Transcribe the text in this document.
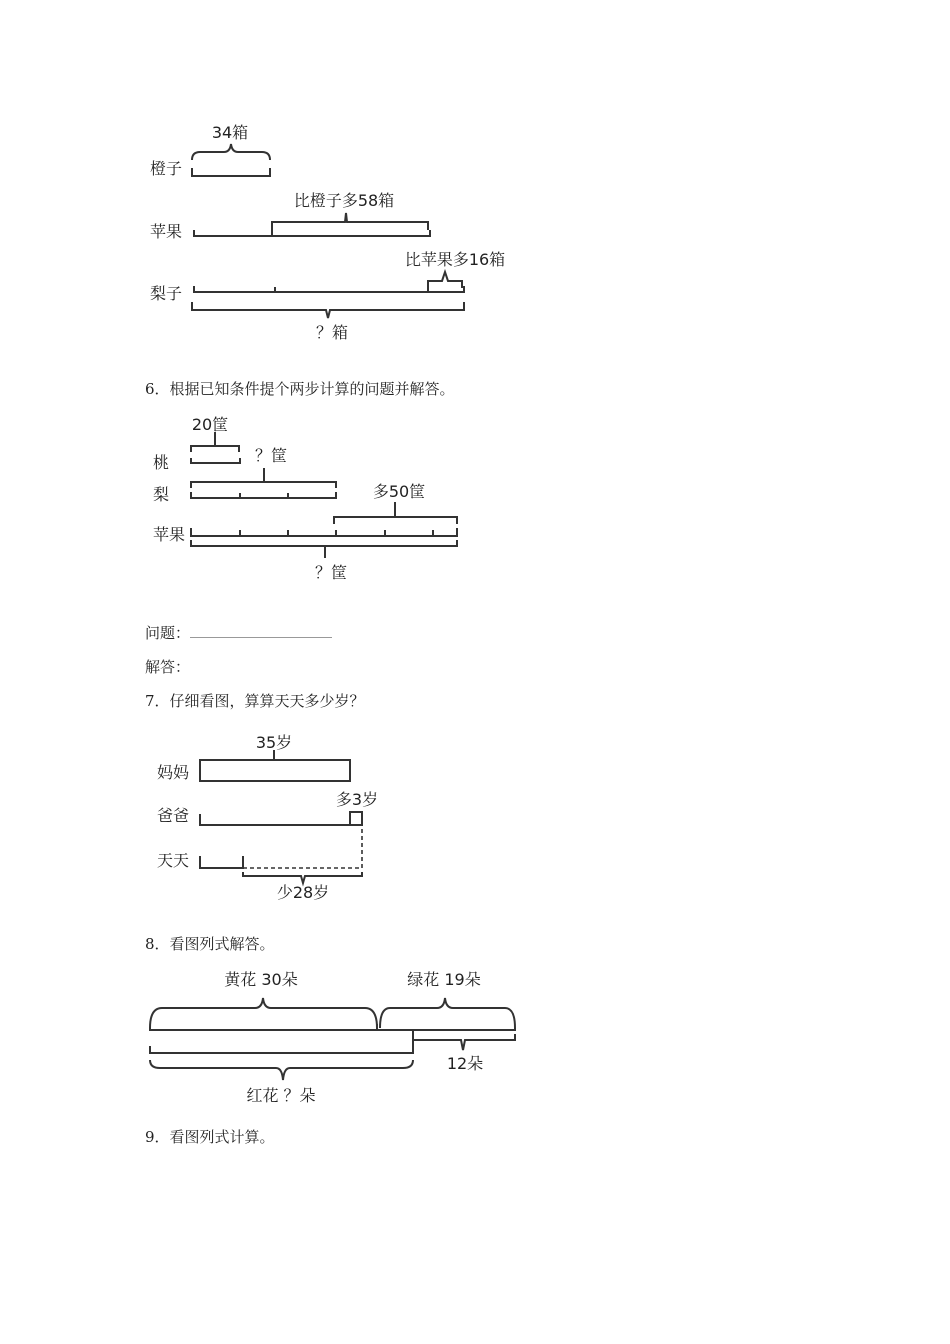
34箱
橙子
比橙子多58箱
苹果
比苹果多16箱
梨子
？箱
20筐
桃	？筐
梨	多50筐
苹果
？筐
35岁
妈妈
多3岁
爸爸
天天
少28岁
黄花 30朵	绿花 19朵
12朵
红花 ？朵
6．根据已知条件提个两步计算的问题并解答。
问题：
解答：
7．仔细看图，算算天天多少岁？
8．看图列式解答。
9．看图列式计算。
